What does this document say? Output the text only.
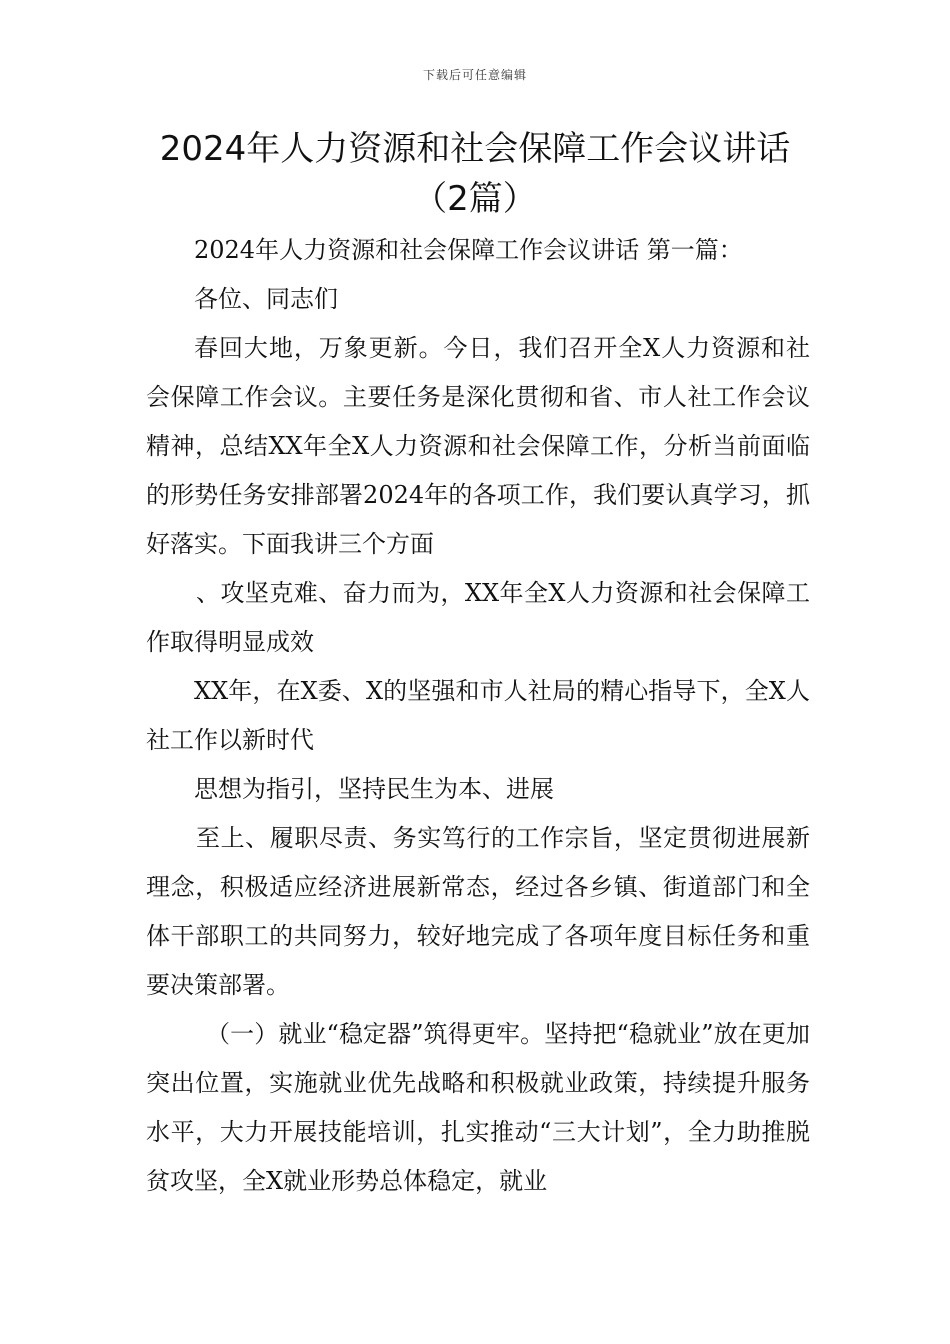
下载后可任意编辑
2024年人力资源和社会保障工作会议讲话
（2篇）

2024年人力资源和社会保障工作会议讲话 第一篇：

各位、同志们

春回大地，万象更新。今日，我们召开全X人力资源和社会保障工作会议。主要任务是深化贯彻和省、市人社工作会议精神，总结XX年全X人力资源和社会保障工作，分析当前面临的形势任务安排部署2024年的各项工作，我们要认真学习，抓好落实。下面我讲三个方面

、攻坚克难、奋力而为，XX年全X人力资源和社会保障工作取得明显成效

XX年，在X委、X的坚强和市人社局的精心指导下，全X人社工作以新时代

思想为指引，坚持民生为本、进展

至上、履职尽责、务实笃行的工作宗旨，坚定贯彻进展新理念，积极适应经济进展新常态，经过各乡镇、街道部门和全体干部职工的共同努力，较好地完成了各项年度目标任务和重要决策部署。

（一）就业“稳定器”筑得更牢。坚持把“稳就业”放在更加突出位置，实施就业优先战略和积极就业政策，持续提升服务水平，大力开展技能培训，扎实推动“三大计划”，全力助推脱贫攻坚，全X就业形势总体稳定，就业
